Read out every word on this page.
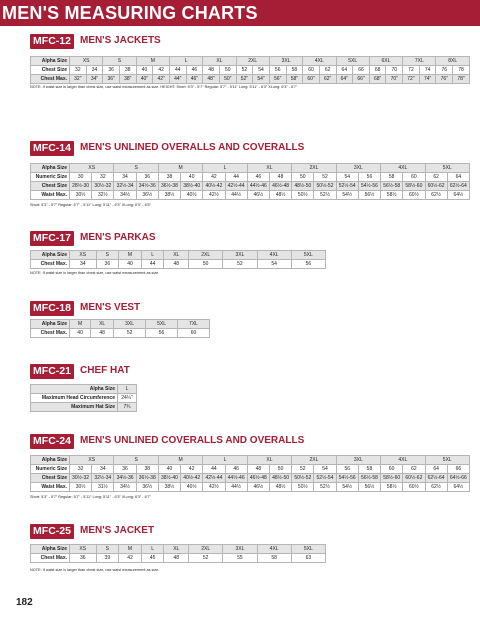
MEN'S MEASURING CHARTS
MFC-12 MEN'S JACKETS
Alpha Size	XS		S		M		L		XL		2XL		3XL		4XL		5XL		6XL		7XL		8XL	
Chest Size	32	34	36	38	40	42	44	46	48	50	52	54	56	58	60	62	64	66	68	70	72	74	76	78
Chest Max.	32"	34"	36"	38"	40"	42"	44"	46"	48"	50"	52"	54"	56"	58"	60"	62"	64"	66"	68"	70"	72"	74"	76"	78"
NOTE: If waist size is larger than chest size, use waist measurement as size. HEIGHT: Short: 5'3" - 5'7" Regular: 5'7" - 5'11" Long: 5'11" - 6'3" XLong: 6'3" - 6'7"
MFC-14 MEN'S UNLINED OVERALLS AND COVERALLS
Alpha Size	XS		S		M		L		XL		2XL		3XL		4XL		5XL	
Numeric Size	30	32	34	36	38	40	42	44	46	48	50	52	54	56	58	60	62	64
Chest Size	28½-30	30½-32	32½-34	34½-36	36½-38	38½-40	40½-42	42½-44	44½-46	46½-48	48½-50	50½-52	52½-54	54½-56	56½-58	58½-60	60½-62	62½-64
Waist Max.	30½	32½	34½	36½	38½	40½	42½	44½	46½	48½	50½	52½	54½	56½	58½	60½	62½	64½
Short: 5'3" - 5'7" Regular: 5'7" - 5'11" Long: 5'11" - 6'3" XLong: 6'3" - 6'5"
MFC-17 MEN'S PARKAS
Alpha Size	XS	S	M	L	XL	2XL	3XL	4XL	5XL
Chest Max.	34	36	40	44	48	50	52	54	56
NOTE: If waist size is larger than chest size, use waist measurement as size.
MFC-18 MEN'S VEST
Alpha Size	M	XL	3XL	5XL	7XL
Chest Max.	40	48	52	56	60
MFC-21 CHEF HAT
Alpha Size	L
Maximum Head Circumference	24¼"
Maximum Hat Size	7¾
MFC-24 MEN'S UNLINED COVERALLS AND OVERALLS
Alpha Size	XS		S		M		L		XL		2XL		3XL		4XL		5XL	
Numeric Size	32	34	36	38	40	42	44	46	48	50	52	54	56	58	60	62	64	66
Chest Size	30½-32	32½-34	34½-36	36½-38	38½-40	40½-42	42½-44	44½-46	46½-48	48½-50	50½-52	52½-54	54½-56	56½-58	58½-60	60½-62	62½-64	64½-66
Waist Max.	30½	31½	34½	36½	38½	40½	42½	44½	46½	48½	50½	52½	54½	56½	58½	60½	62½	64½
Short: 5'3" - 5'7" Regular: 5'7" - 5'11" Long: 5'11" - 6'3" XLong: 6'3" - 6'7"
MFC-25 MEN'S JACKET
Alpha Size	XS	S	M	L	XL	2XL	3XL	4XL	5XL
Chest Max.	36	39	42	45	48	52	55	58	63
NOTE: If waist size is larger than chest size, use waist measurement as size.
182
